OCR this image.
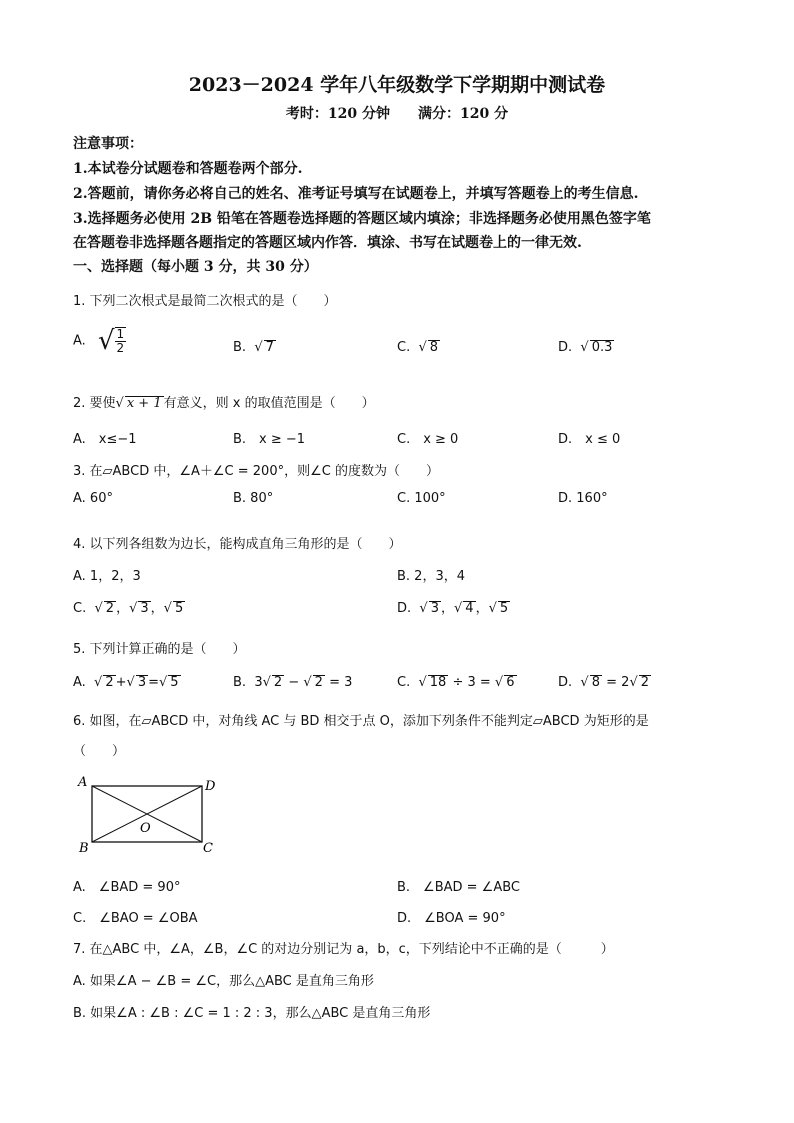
2023－2024 学年八年级数学下学期期中测试卷
考时：120 分钟　　满分：120 分
注意事项：
1.本试卷分试题卷和答题卷两个部分.
2.答题前，请你务必将自己的姓名、准考证号填写在试题卷上，并填写答题卷上的考生信息.
3.选择题务必使用 2B 铅笔在答题卷选择题的答题区域内填涂；非选择题务必使用黑色签字笔
在答题卷非选择题各题指定的答题区域内作答．填涂、书写在试题卷上的一律无效.
一、选择题（每小题 3 分，共 30 分）
1. 下列二次根式是最简二次根式的是（　　）
A. √ $\frac{1}{2}$	B.  √ 7	C.  √ 8	D.  √ 0.3
2. 要使√ x + 1 有意义，则 x 的取值范围是（　　）
A.　x≤−1	B.　x ≥ −1	C.　x ≥ 0	D.　x ≤ 0
3. 在▱ABCD 中，∠A＋∠C = 200°，则∠C 的度数为（　　）
A. 60°	B. 80°	C. 100°	D. 160°
4. 以下列各组数为边长，能构成直角三角形的是（　　）
A. 1，2，3	B. 2，3，4
C.  √ 2 ，√ 3 ，√ 5	D.  √ 3 ，√ 4 ，√ 5
5. 下列计算正确的是（　　）
A.  √ 2 +√ 3 =√ 5	B. 3√ 2 − √ 2 = 3	C.  √ 18 ÷ 3 = √ 6	D.  √ 8 = 2√ 2
6. 如图，在▱ABCD 中，对角线 AC 与 BD 相交于点 O，添加下列条件不能判定▱ABCD 为矩形的是
（　　）
A	D
B	C
O
A.　∠BAD = 90°	B.　∠BAD = ∠ABC
C.　∠BAO = ∠OBA	D.　∠BOA = 90°
7. 在△ABC 中，∠A，∠B，∠C 的对边分别记为 a，b，c，下列结论中不正确的是（　　　）
A. 如果∠A − ∠B = ∠C，那么△ABC 是直角三角形
B. 如果∠A : ∠B : ∠C = 1 : 2 : 3，那么△ABC 是直角三角形
